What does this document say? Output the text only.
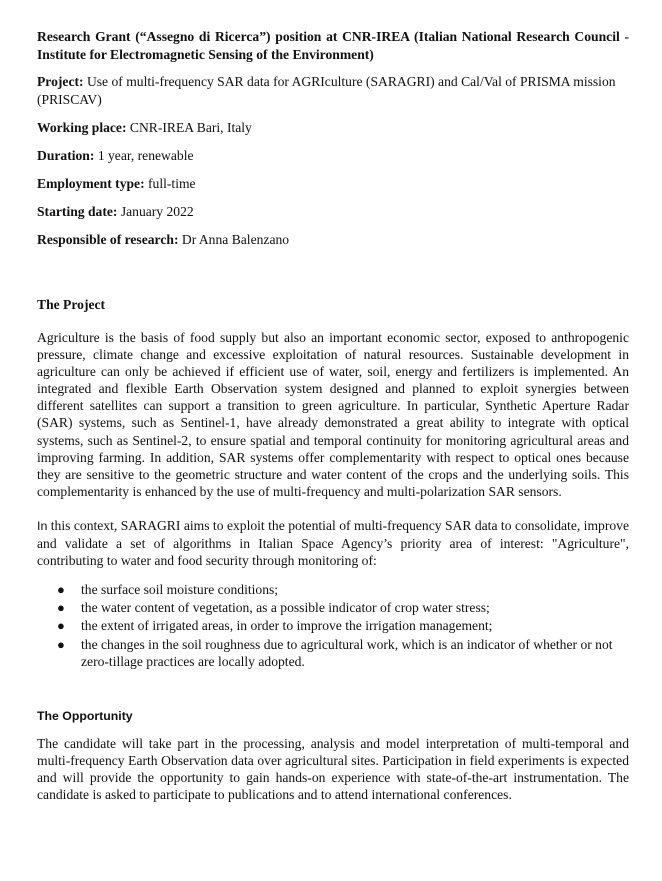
Research Grant (“Assegno di Ricerca”) position at CNR-IREA (Italian National Research Council - Institute for Electromagnetic Sensing of the Environment)

Project: Use of multi-frequency SAR data for AGRIculture (SARAGRI) and Cal/Val of PRISMA mission (PRISCAV)

Working place: CNR-IREA Bari, Italy

Duration: 1 year, renewable

Employment type: full-time

Starting date: January 2022

Responsible of research: Dr Anna Balenzano

The Project

Agriculture is the basis of food supply but also an important economic sector, exposed to anthropogenic pressure, climate change and excessive exploitation of natural resources. Sustainable development in agriculture can only be achieved if efficient use of water, soil, energy and fertilizers is implemented. An integrated and flexible Earth Observation system designed and planned to exploit synergies between different satellites can support a transition to green agriculture. In particular, Synthetic Aperture Radar (SAR) systems, such as Sentinel-1, have already demonstrated a great ability to integrate with optical systems, such as Sentinel-2, to ensure spatial and temporal continuity for monitoring agricultural areas and improving farming. In addition, SAR systems offer complementarity with respect to optical ones because they are sensitive to the geometric structure and water content of the crops and the underlying soils. This complementarity is enhanced by the use of multi-frequency and multi-polarization SAR sensors.

In this context, SARAGRI aims to exploit the potential of multi-frequency SAR data to consolidate, improve and validate a set of algorithms in Italian Space Agency’s priority area of interest: "Agriculture", contributing to water and food security through monitoring of:

● the surface soil moisture conditions;
● the water content of vegetation, as a possible indicator of crop water stress;
● the extent of irrigated areas, in order to improve the irrigation management;
● the changes in the soil roughness due to agricultural work, which is an indicator of whether or not zero-tillage practices are locally adopted.

The Opportunity

The candidate will take part in the processing, analysis and model interpretation of multi-temporal and multi-frequency Earth Observation data over agricultural sites. Participation in field experiments is expected and will provide the opportunity to gain hands-on experience with state-of-the-art instrumentation. The candidate is asked to participate to publications and to attend international conferences.
